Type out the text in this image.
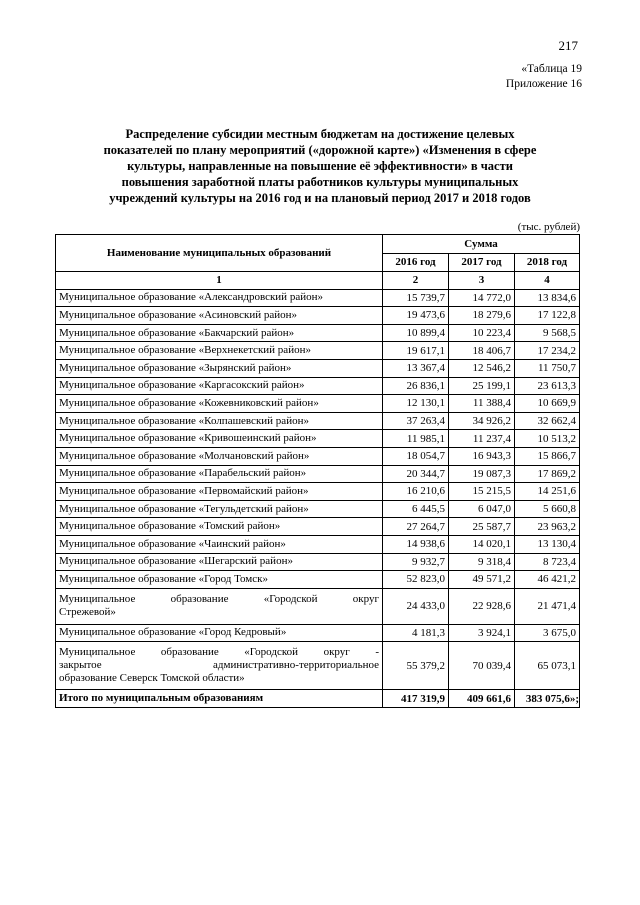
217
«Таблица 19
Приложение 16
Распределение субсидии местным бюджетам на достижение целевых
показателей по плану мероприятий («дорожной карте») «Изменения в сфере
культуры, направленные на повышение её эффективности» в части
повышения заработной платы работников культуры муниципальных
учреждений культуры на 2016 год и на плановый период 2017 и 2018 годов
(тыс. рублей)
Наименование муниципальных образований	Сумма		
	2016 год	2017 год	2018 год
1	2	3	4
Муниципальное образование «Александровский район»	15 739,7	14 772,0	13 834,6
Муниципальное образование «Асиновский район»	19 473,6	18 279,6	17 122,8
Муниципальное образование «Бакчарский район»	10 899,4	10 223,4	9 568,5
Муниципальное образование «Верхнекетский район»	19 617,1	18 406,7	17 234,2
Муниципальное образование «Зырянский район»	13 367,4	12 546,2	11 750,7
Муниципальное образование «Каргасокский район»	26 836,1	25 199,1	23 613,3
Муниципальное образование «Кожевниковский район»	12 130,1	11 388,4	10 669,9
Муниципальное образование «Колпашевский район»	37 263,4	34 926,2	32 662,4
Муниципальное образование «Кривошеинский район»	11 985,1	11 237,4	10 513,2
Муниципальное образование «Молчановский район»	18 054,7	16 943,3	15 866,7
Муниципальное образование «Парабельский район»	20 344,7	19 087,3	17 869,2
Муниципальное образование «Первомайский район»	16 210,6	15 215,5	14 251,6
Муниципальное образование «Тегульдетский район»	6 445,5	6 047,0	5 660,8
Муниципальное образование «Томский район»	27 264,7	25 587,7	23 963,2
Муниципальное образование «Чаинский район»	14 938,6	14 020,1	13 130,4
Муниципальное образование «Шегарский район»	9 932,7	9 318,4	8 723,4
Муниципальное образование «Город Томск»	52 823,0	49 571,2	46 421,2

Муниципальное образование «Городской округ
Стрежевой»	24 433,0	22 928,6	21 471,4
Муниципальное образование «Город Кедровый»	4 181,3	3 924,1	3 675,0

Муниципальное образование «Городской округ -
закрытое административно-территориальное
образование Северск Томской области»	55 379,2	70 039,4	65 073,1
Итого по муниципальным образованиям	417 319,9	409 661,6	383 075,6»;
